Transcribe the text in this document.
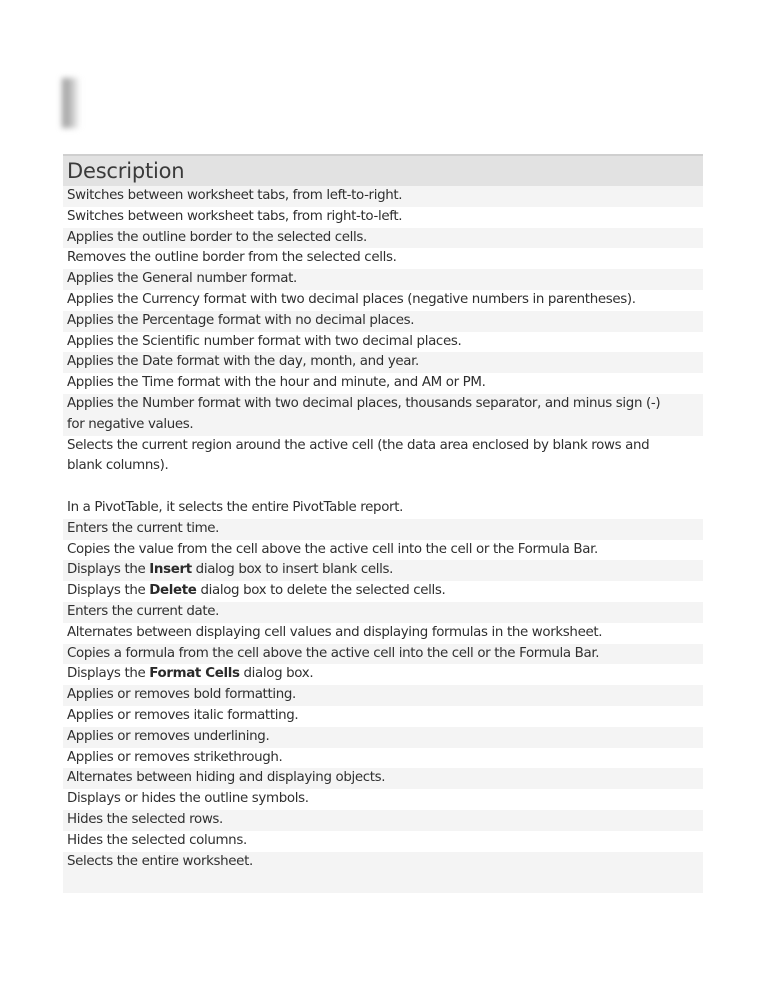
Description
Switches between worksheet tabs, from left-to-right.
Switches between worksheet tabs, from right-to-left.
Applies the outline border to the selected cells.
Removes the outline border from the selected cells.
Applies the General number format.
Applies the Currency format with two decimal places (negative numbers in parentheses).
Applies the Percentage format with no decimal places.
Applies the Scientific number format with two decimal places.
Applies the Date format with the day, month, and year.
Applies the Time format with the hour and minute, and AM or PM.
Applies the Number format with two decimal places, thousands separator, and minus sign (-)
for negative values.
Selects the current region around the active cell (the data area enclosed by blank rows and
blank columns).
In a PivotTable, it selects the entire PivotTable report.
Enters the current time.
Copies the value from the cell above the active cell into the cell or the Formula Bar.
Displays the Insert dialog box to insert blank cells.
Displays the Delete dialog box to delete the selected cells.
Enters the current date.
Alternates between displaying cell values and displaying formulas in the worksheet.
Copies a formula from the cell above the active cell into the cell or the Formula Bar.
Displays the Format Cells dialog box.
Applies or removes bold formatting.
Applies or removes italic formatting.
Applies or removes underlining.
Applies or removes strikethrough.
Alternates between hiding and displaying objects.
Displays or hides the outline symbols.
Hides the selected rows.
Hides the selected columns.
Selects the entire worksheet.
